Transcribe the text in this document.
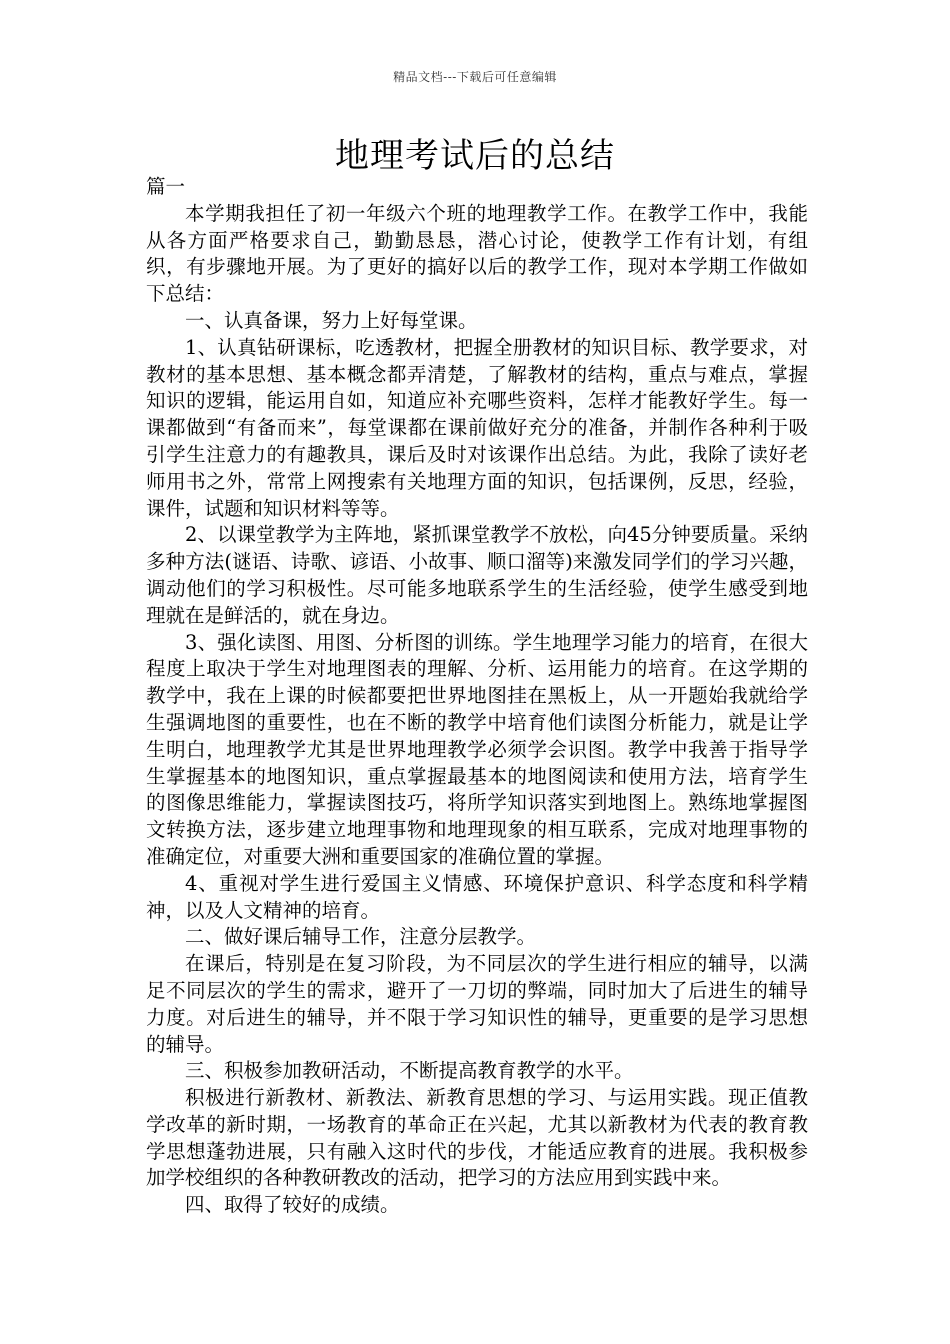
精品文档---下载后可任意编辑
地理考试后的总结

篇一

本学期我担任了初一年级六个班的地理教学工作。在教学工作中，我能从各方面严格要求自己，勤勤恳恳，潜心讨论，使教学工作有计划，有组织，有步骤地开展。为了更好的搞好以后的教学工作，现对本学期工作做如下总结：

一、认真备课，努力上好每堂课。

1、认真钻研课标，吃透教材，把握全册教材的知识目标、教学要求，对教材的基本思想、基本概念都弄清楚，了解教材的结构，重点与难点，掌握知识的逻辑，能运用自如，知道应补充哪些资料，怎样才能教好学生。每一课都做到“有备而来”，每堂课都在课前做好充分的准备，并制作各种利于吸引学生注意力的有趣教具，课后及时对该课作出总结。为此，我除了读好老师用书之外，常常上网搜索有关地理方面的知识，包括课例，反思，经验，课件，试题和知识材料等等。

2、以课堂教学为主阵地，紧抓课堂教学不放松，向45分钟要质量。采纳多种方法(谜语、诗歌、谚语、小故事、顺口溜等)来激发同学们的学习兴趣，调动他们的学习积极性。尽可能多地联系学生的生活经验，使学生感受到地理就在是鲜活的，就在身边。

3、强化读图、用图、分析图的训练。学生地理学习能力的培育，在很大程度上取决于学生对地理图表的理解、分析、运用能力的培育。在这学期的教学中，我在上课的时候都要把世界地图挂在黑板上，从一开题始我就给学生强调地图的重要性，也在不断的教学中培育他们读图分析能力，就是让学生明白，地理教学尤其是世界地理教学必须学会识图。教学中我善于指导学生掌握基本的地图知识，重点掌握最基本的地图阅读和使用方法，培育学生的图像思维能力，掌握读图技巧，将所学知识落实到地图上。熟练地掌握图文转换方法，逐步建立地理事物和地理现象的相互联系，完成对地理事物的准确定位，对重要大洲和重要国家的准确位置的掌握。

4、重视对学生进行爱国主义情感、环境保护意识、科学态度和科学精神，以及人文精神的培育。

二、做好课后辅导工作，注意分层教学。

在课后，特别是在复习阶段，为不同层次的学生进行相应的辅导，以满足不同层次的学生的需求，避开了一刀切的弊端，同时加大了后进生的辅导力度。对后进生的辅导，并不限于学习知识性的辅导，更重要的是学习思想的辅导。

三、积极参加教研活动，不断提高教育教学的水平。

积极进行新教材、新教法、新教育思想的学习、与运用实践。现正值教学改革的新时期，一场教育的革命正在兴起，尤其以新教材为代表的教育教学思想蓬勃进展，只有融入这时代的步伐，才能适应教育的进展。我积极参加学校组织的各种教研教改的活动，把学习的方法应用到实践中来。

四、取得了较好的成绩。
